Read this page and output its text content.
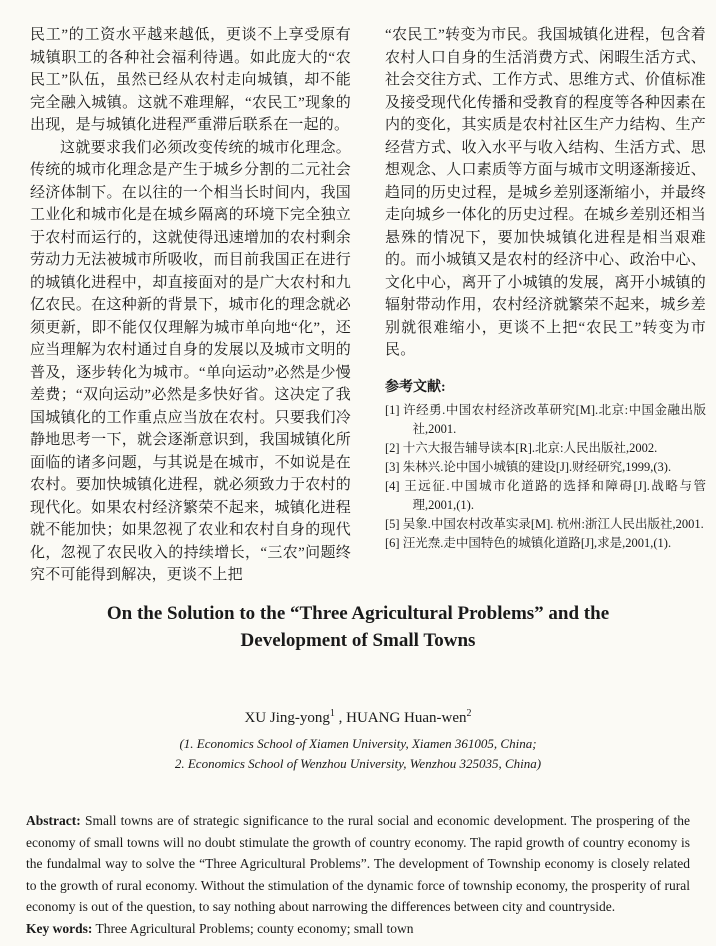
民工”的工资水平越来越低，更谈不上享受原有城镇职工的各种社会福利待遇。如此庞大的“农民工”队伍，虽然已经从农村走向城镇，却不能完全融入城镇。这就不难理解，“农民工”现象的出现，是与城镇化进程严重滞后联系在一起的。

这就要求我们必须改变传统的城市化理念。传统的城市化理念是产生于城乡分割的二元社会经济体制下。在以往的一个相当长时间内，我国工业化和城市化是在城乡隔离的环境下完全独立于农村而运行的，这就使得迅速增加的农村剩余劳动力无法被城市所吸收，而目前我国正在进行的城镇化进程中，却直接面对的是广大农村和九亿农民。在这种新的背景下，城市化的理念就必须更新，即不能仅仅理解为城市单向地“化”，还应当理解为农村通过自身的发展以及城市文明的普及，逐步转化为城市。“单向运动”必然是少慢差费；“双向运动”必然是多快好省。这决定了我国城镇化的工作重点应当放在农村。只要我们冷静地思考一下，就会逐渐意识到，我国城镇化所面临的诸多问题，与其说是在城市，不如说是在农村。要加快城镇化进程，就必须致力于农村的现代化。如果农村经济繁荣不起来，城镇化进程就不能加快；如果忽视了农业和农村自身的现代化，忽视了农民收入的持续增长，“三农”问题终究不可能得到解决，更谈不上把

“农民工”转变为市民。我国城镇化进程，包含着农村人口自身的生活消费方式、闲暇生活方式、社会交往方式、工作方式、思维方式、价值标准及接受现代化传播和受教育的程度等各种因素在内的变化，其实质是农村社区生产力结构、生产经营方式、收入水平与收入结构、生活方式、思想观念、人口素质等方面与城市文明逐渐接近、趋同的历史过程，是城乡差别逐渐缩小，并最终走向城乡一体化的历史过程。在城乡差别还相当悬殊的情况下，要加快城镇化进程是相当艰难的。而小城镇又是农村的经济中心、政治中心、文化中心，离开了小城镇的发展，离开小城镇的辐射带动作用，农村经济就繁荣不起来，城乡差别就很难缩小，更谈不上把“农民工”转变为市民。

参考文献:

[1] 许经勇.中国农村经济改革研究[M].北京:中国金融出版社,2001.
[2] 十六大报告辅导读本[R].北京:人民出版社,2002.
[3] 朱林兴.论中国小城镇的建设[J].财经研究,1999,(3).
[4] 王远征.中国城市化道路的选择和障碍[J].战略与管理,2001,(1).
[5] 吴象.中国农村改革实录[M]. 杭州:浙江人民出版社,2001.
[6] 汪光焘.走中国特色的城镇化道路[J],求是,2001,(1).
On the Solution to the “Three Agricultural Problems” and the Development of Small Towns
XU Jing-yong$^1$ , HUANG Huan-wen$^2$
(1. Economics School of Xiamen University, Xiamen 361005, China;
2. Economics School of Wenzhou University, Wenzhou 325035, China)

Abstract: Small towns are of strategic significance to the rural social and economic development. The prospering of the economy of small towns will no doubt stimulate the growth of country economy. The rapid growth of country economy is the fundalmal way to solve the “Three Agricultural Problems”. The development of Township economy is closely related to the growth of rural economy. Without the stimulation of the dynamic force of township economy, the prosperity of rural economy is out of the question, to say nothing about narrowing the differences between city and countryside.

Key words: Three Agricultural Problems; county economy; small town
